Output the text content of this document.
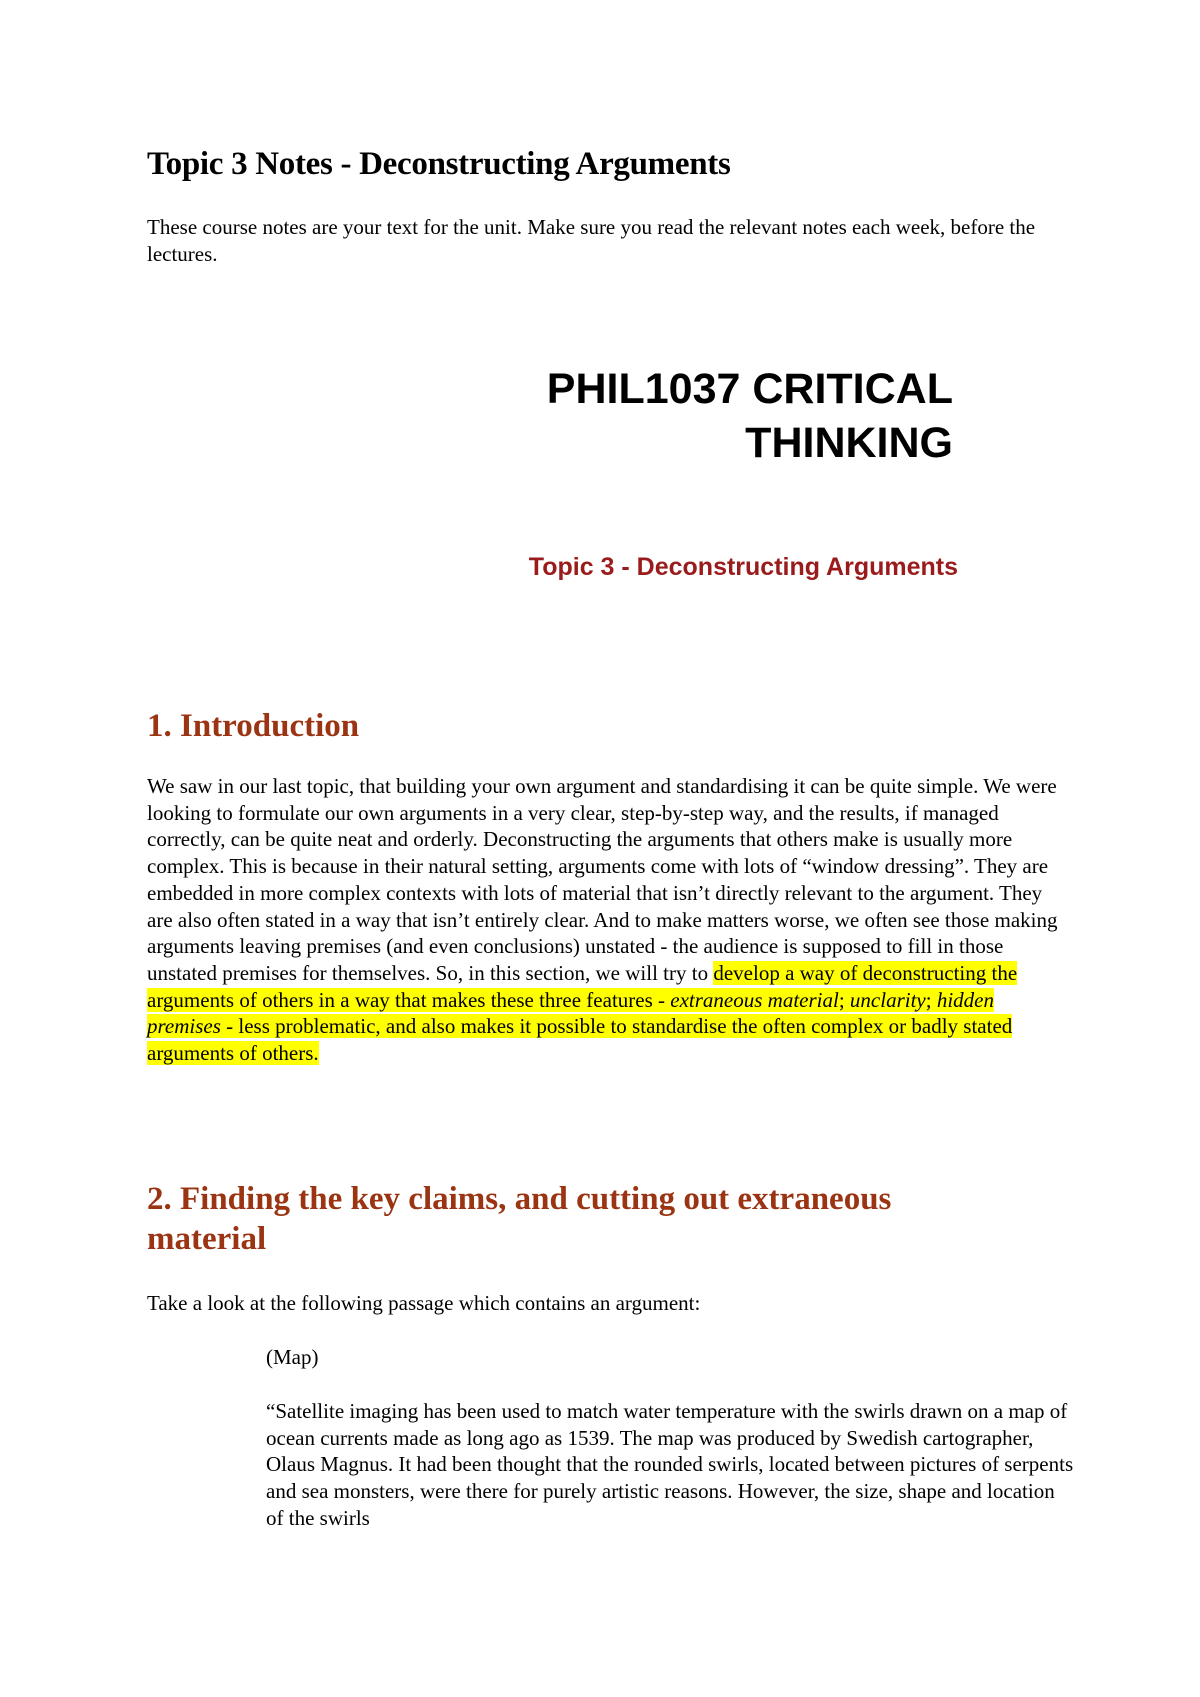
Topic 3 Notes - Deconstructing Arguments

These course notes are your text for the unit. Make sure you read the relevant notes each week, before the lectures.

PHIL1037 CRITICAL THINKING
Topic 3 - Deconstructing Arguments
1. Introduction

We saw in our last topic, that building your own argument and standardising it can be quite simple. We were looking to formulate our own arguments in a very clear, step-by-step way, and the results, if managed correctly, can be quite neat and orderly. Deconstructing the arguments that others make is usually more complex. This is because in their natural setting, arguments come with lots of “window dressing”. They are embedded in more complex contexts with lots of material that isn’t directly relevant to the argument. They are also often stated in a way that isn’t entirely clear. And to make matters worse, we often see those making arguments leaving premises (and even conclusions) unstated - the audience is supposed to fill in those unstated premises for themselves. So, in this section, we will try to develop a way of deconstructing the arguments of others in a way that makes these three features - extraneous material; unclarity; hidden premises - less problematic, and also makes it possible to standardise the often complex or badly stated arguments of others.

2. Finding the key claims, and cutting out extraneous material

Take a look at the following passage which contains an argument:

(Map)

“Satellite imaging has been used to match water temperature with the swirls drawn on a map of ocean currents made as long ago as 1539. The map was produced by Swedish cartographer, Olaus Magnus. It had been thought that the rounded swirls, located between pictures of serpents and sea monsters, were there for purely artistic reasons. However, the size, shape and location of the swirls
